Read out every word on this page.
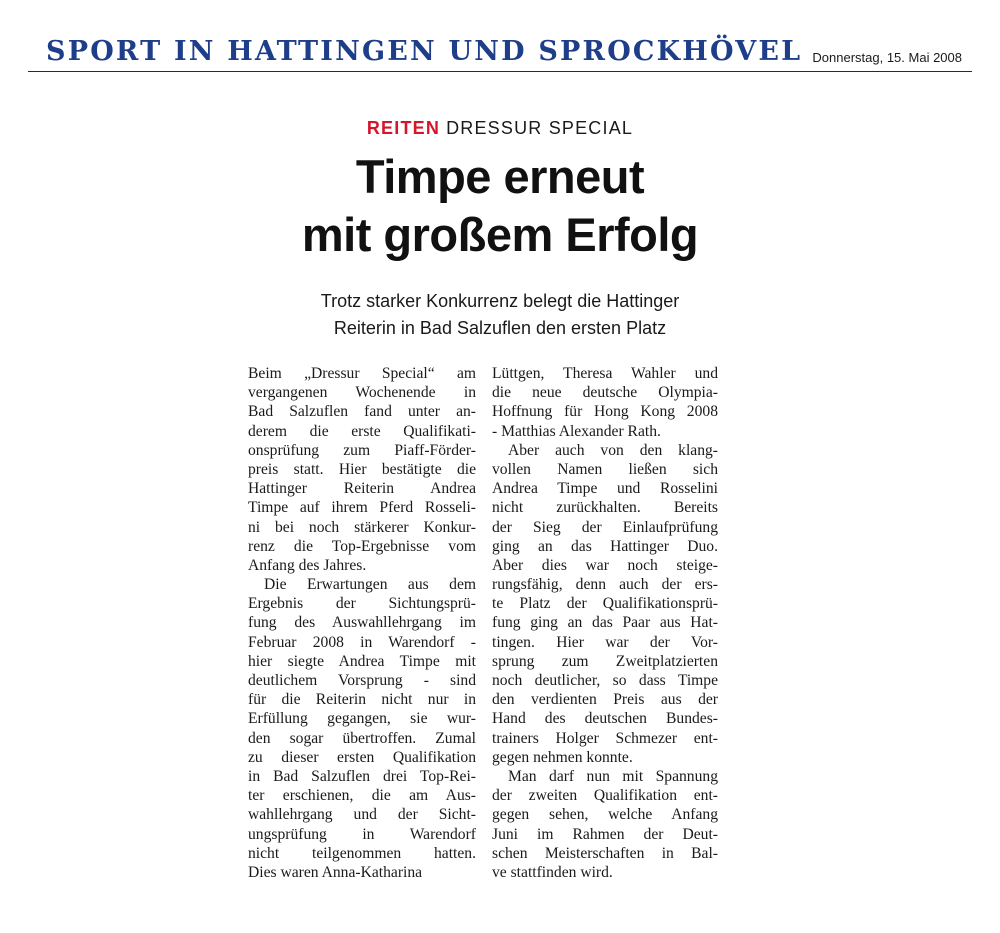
SPORT IN HATTINGEN UND SPROCKHÖVEL Donnerstag, 15. Mai 2008
REITEN DRESSUR SPECIAL
Timpe erneut
mit großem Erfolg
Trotz starker Konkurrenz belegt die Hattinger
Reiterin in Bad Salzuflen den ersten Platz

Beim „Dressur Special“ am
vergangenen Wochenende in
Bad Salzuflen fand unter an-
derem die erste Qualifikati-
onsprüfung zum Piaff-Förder-
preis statt. Hier bestätigte die
Hattinger Reiterin Andrea
Timpe auf ihrem Pferd Rosseli-
ni bei noch stärkerer Konkur-
renz die Top-Ergebnisse vom
Anfang des Jahres.

Die Erwartungen aus dem
Ergebnis der Sichtungsprü-
fung des Auswahllehrgang im
Februar 2008 in Warendorf -
hier siegte Andrea Timpe mit
deutlichem Vorsprung - sind
für die Reiterin nicht nur in
Erfüllung gegangen, sie wur-
den sogar übertroffen. Zumal
zu dieser ersten Qualifikation
in Bad Salzuflen drei Top-Rei-
ter erschienen, die am Aus-
wahllehrgang und der Sicht-
ungsprüfung in Warendorf
nicht teilgenommen hatten.
Dies waren Anna-Katharina

Lüttgen, Theresa Wahler und
die neue deutsche Olympia-
Hoffnung für Hong Kong 2008
- Matthias Alexander Rath.

Aber auch von den klang-
vollen Namen ließen sich
Andrea Timpe und Rosselini
nicht zurückhalten. Bereits
der Sieg der Einlaufprüfung
ging an das Hattinger Duo.
Aber dies war noch steige-
rungsfähig, denn auch der ers-
te Platz der Qualifikationsprü-
fung ging an das Paar aus Hat-
tingen. Hier war der Vor-
sprung zum Zweitplatzierten
noch deutlicher, so dass Timpe
den verdienten Preis aus der
Hand des deutschen Bundes-
trainers Holger Schmezer ent-
gegen nehmen konnte.

Man darf nun mit Spannung
der zweiten Qualifikation ent-
gegen sehen, welche Anfang
Juni im Rahmen der Deut-
schen Meisterschaften in Bal-
ve stattfinden wird.
